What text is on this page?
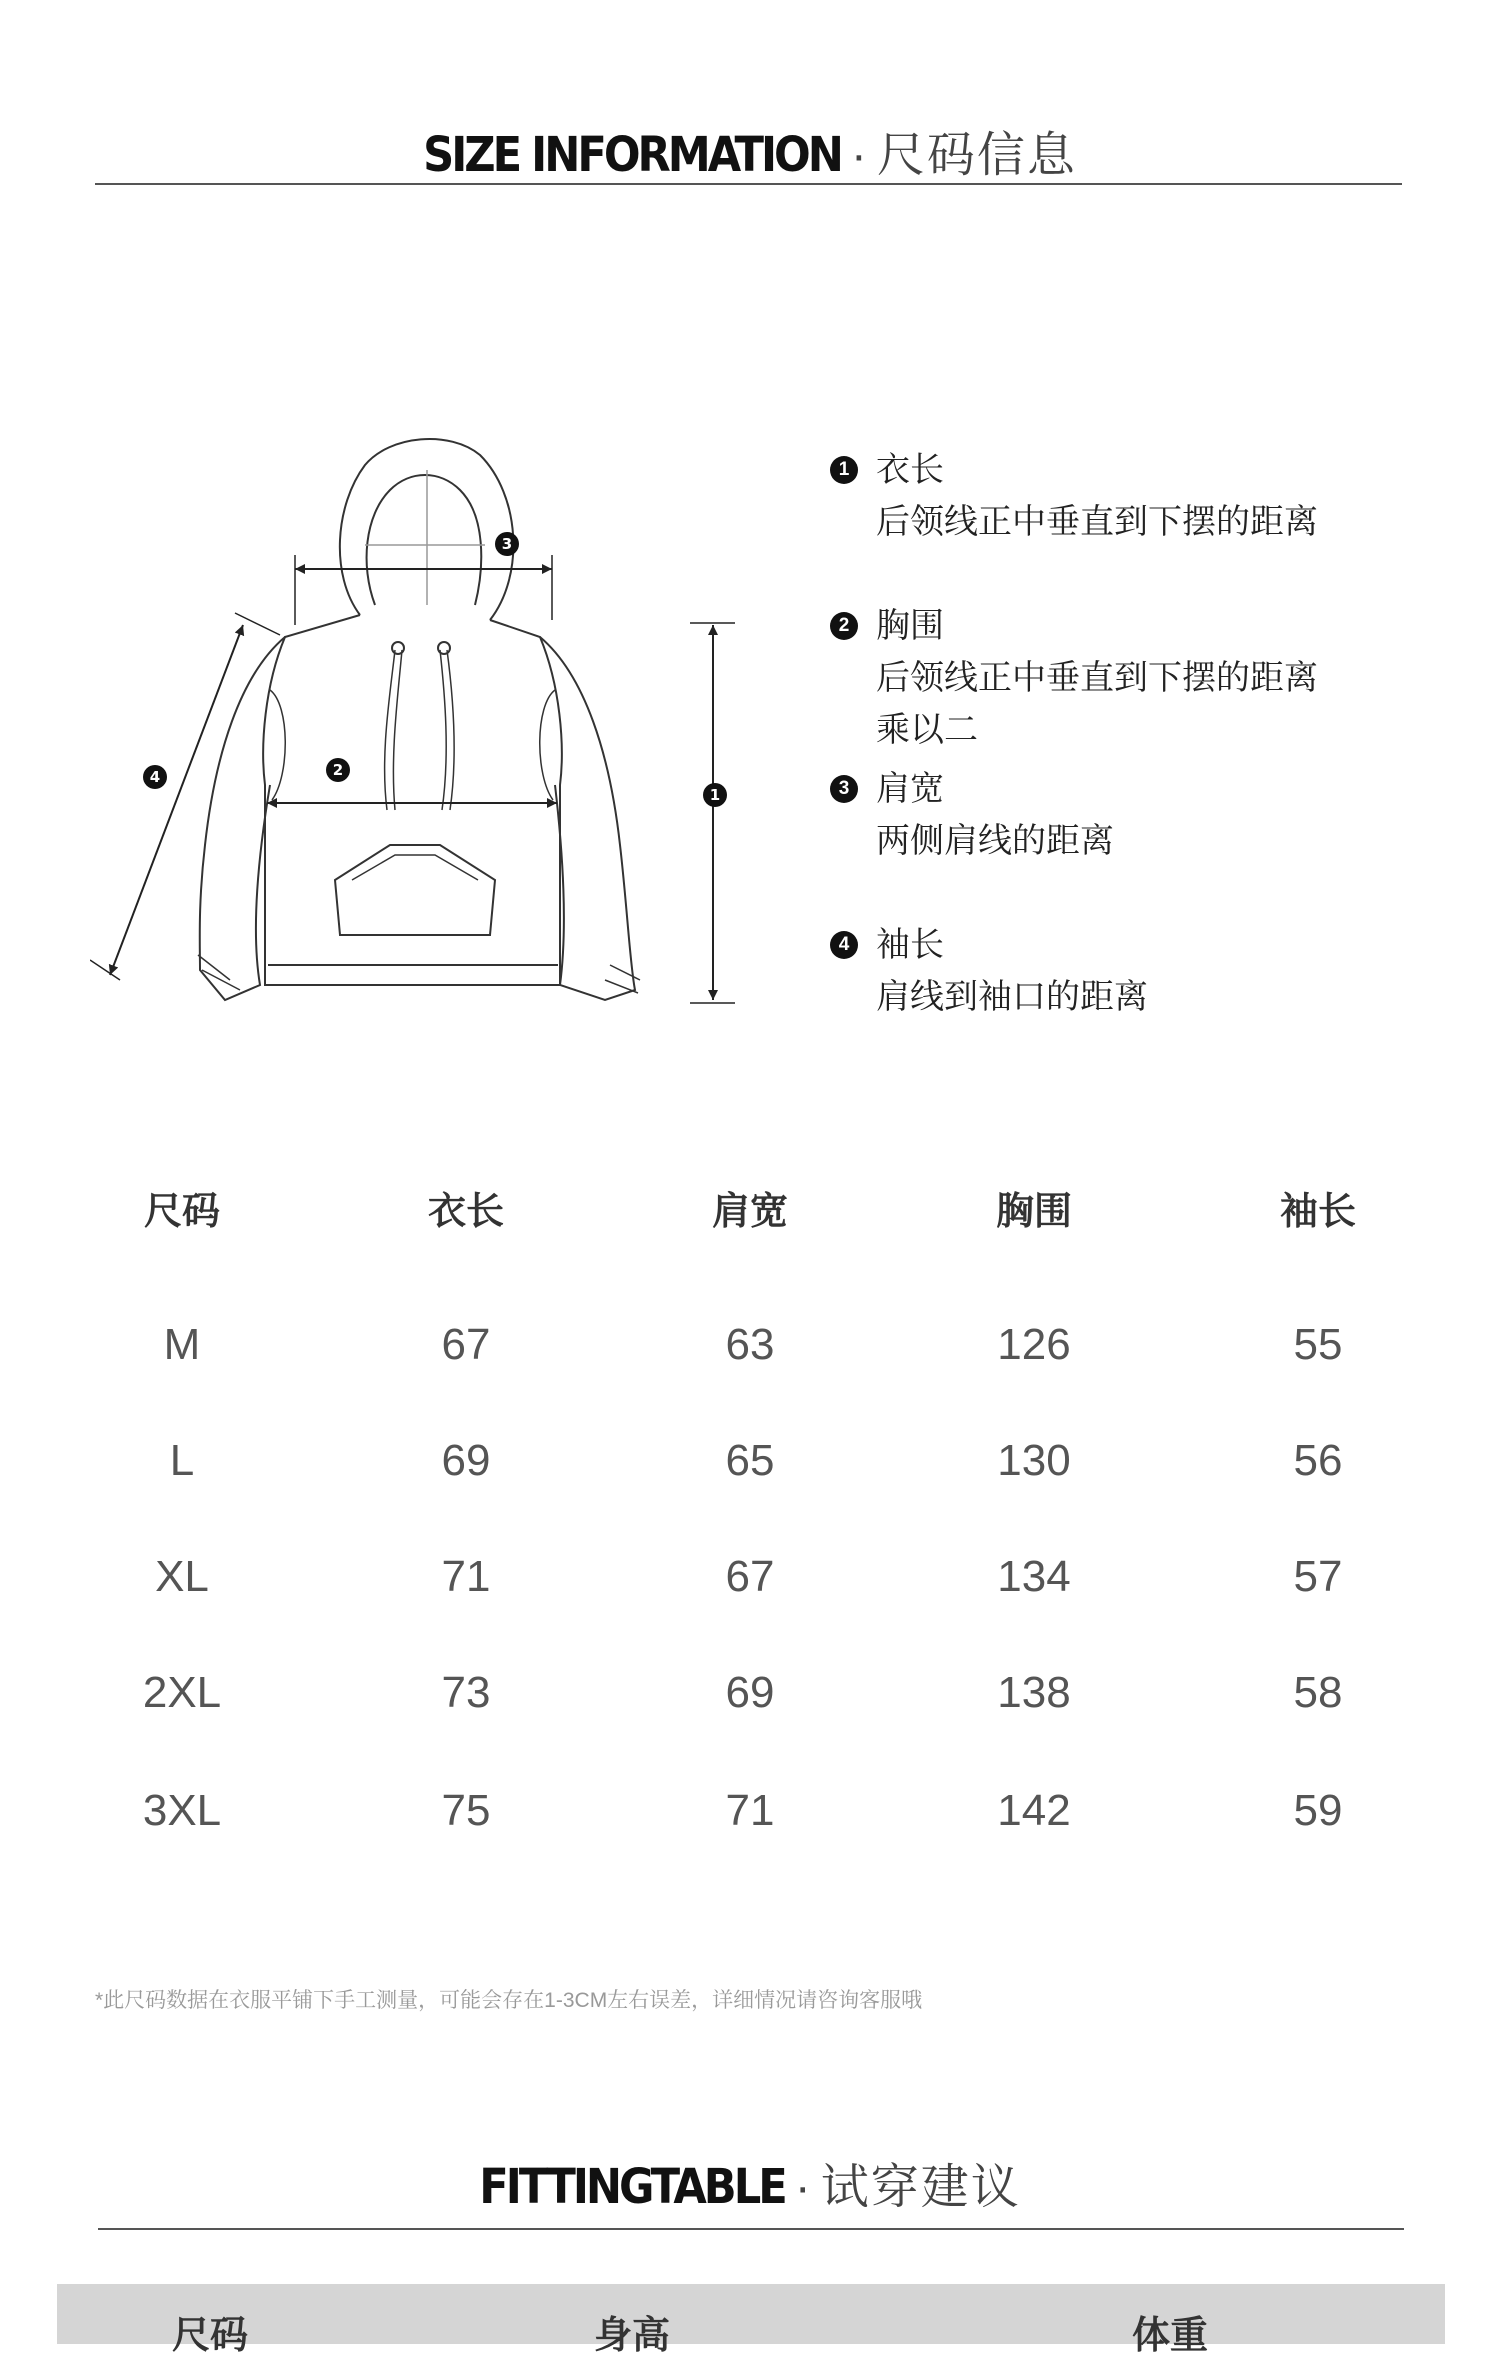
SIZE INFORMATION · 尺码信息
3
2
1
4
1 衣长
后领线正中垂直到下摆的距离
2 胸围
后领线正中垂直到下摆的距离
乘以二
3 肩宽
两侧肩线的距离
4 袖长
肩线到袖口的距离
尺码	衣长	肩宽	胸围	袖长
M	67	63	126	55
L	69	65	130	56
XL	71	67	134	57
2XL	73	69	138	58
3XL	75	71	142	59
*此尺码数据在衣服平铺下手工测量，可能会存在1-3CM左右误差，详细情况请咨询客服哦
FITTINGTABLE · 试穿建议
尺码	身高	体重
